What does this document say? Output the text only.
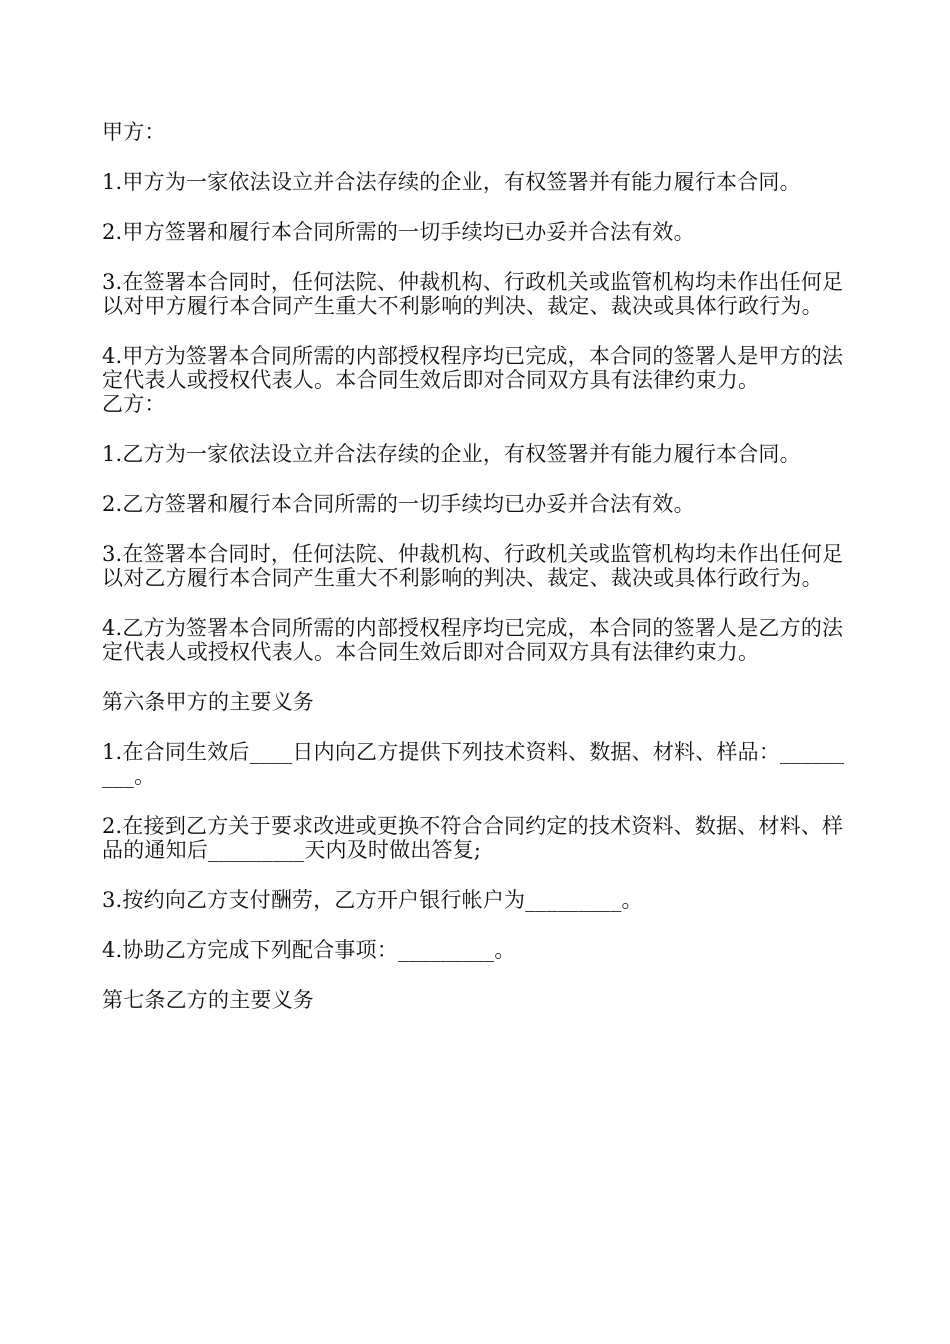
甲方：

1.甲方为一家依法设立并合法存续的企业，有权签署并有能力履行本合同。

2.甲方签署和履行本合同所需的一切手续均已办妥并合法有效。

3.在签署本合同时，任何法院、仲裁机构、行政机关或监管机构均未作出任何足以对甲方履行本合同产生重大不利影响的判决、裁定、裁决或具体行政行为。

4.甲方为签署本合同所需的内部授权程序均已完成，本合同的签署人是甲方的法定代表人或授权代表人。本合同生效后即对合同双方具有法律约束力。

乙方：

1.乙方为一家依法设立并合法存续的企业，有权签署并有能力履行本合同。

2.乙方签署和履行本合同所需的一切手续均已办妥并合法有效。

3.在签署本合同时，任何法院、仲裁机构、行政机关或监管机构均未作出任何足以对乙方履行本合同产生重大不利影响的判决、裁定、裁决或具体行政行为。

4.乙方为签署本合同所需的内部授权程序均已完成，本合同的签署人是乙方的法定代表人或授权代表人。本合同生效后即对合同双方具有法律约束力。

第六条甲方的主要义务

1.在合同生效后____日内向乙方提供下列技术资料、数据、材料、样品：_________。

2.在接到乙方关于要求改进或更换不符合合同约定的技术资料、数据、材料、样品的通知后_________天内及时做出答复;

3.按约向乙方支付酬劳，乙方开户银行帐户为_________。

4.协助乙方完成下列配合事项：_________。

第七条乙方的主要义务
